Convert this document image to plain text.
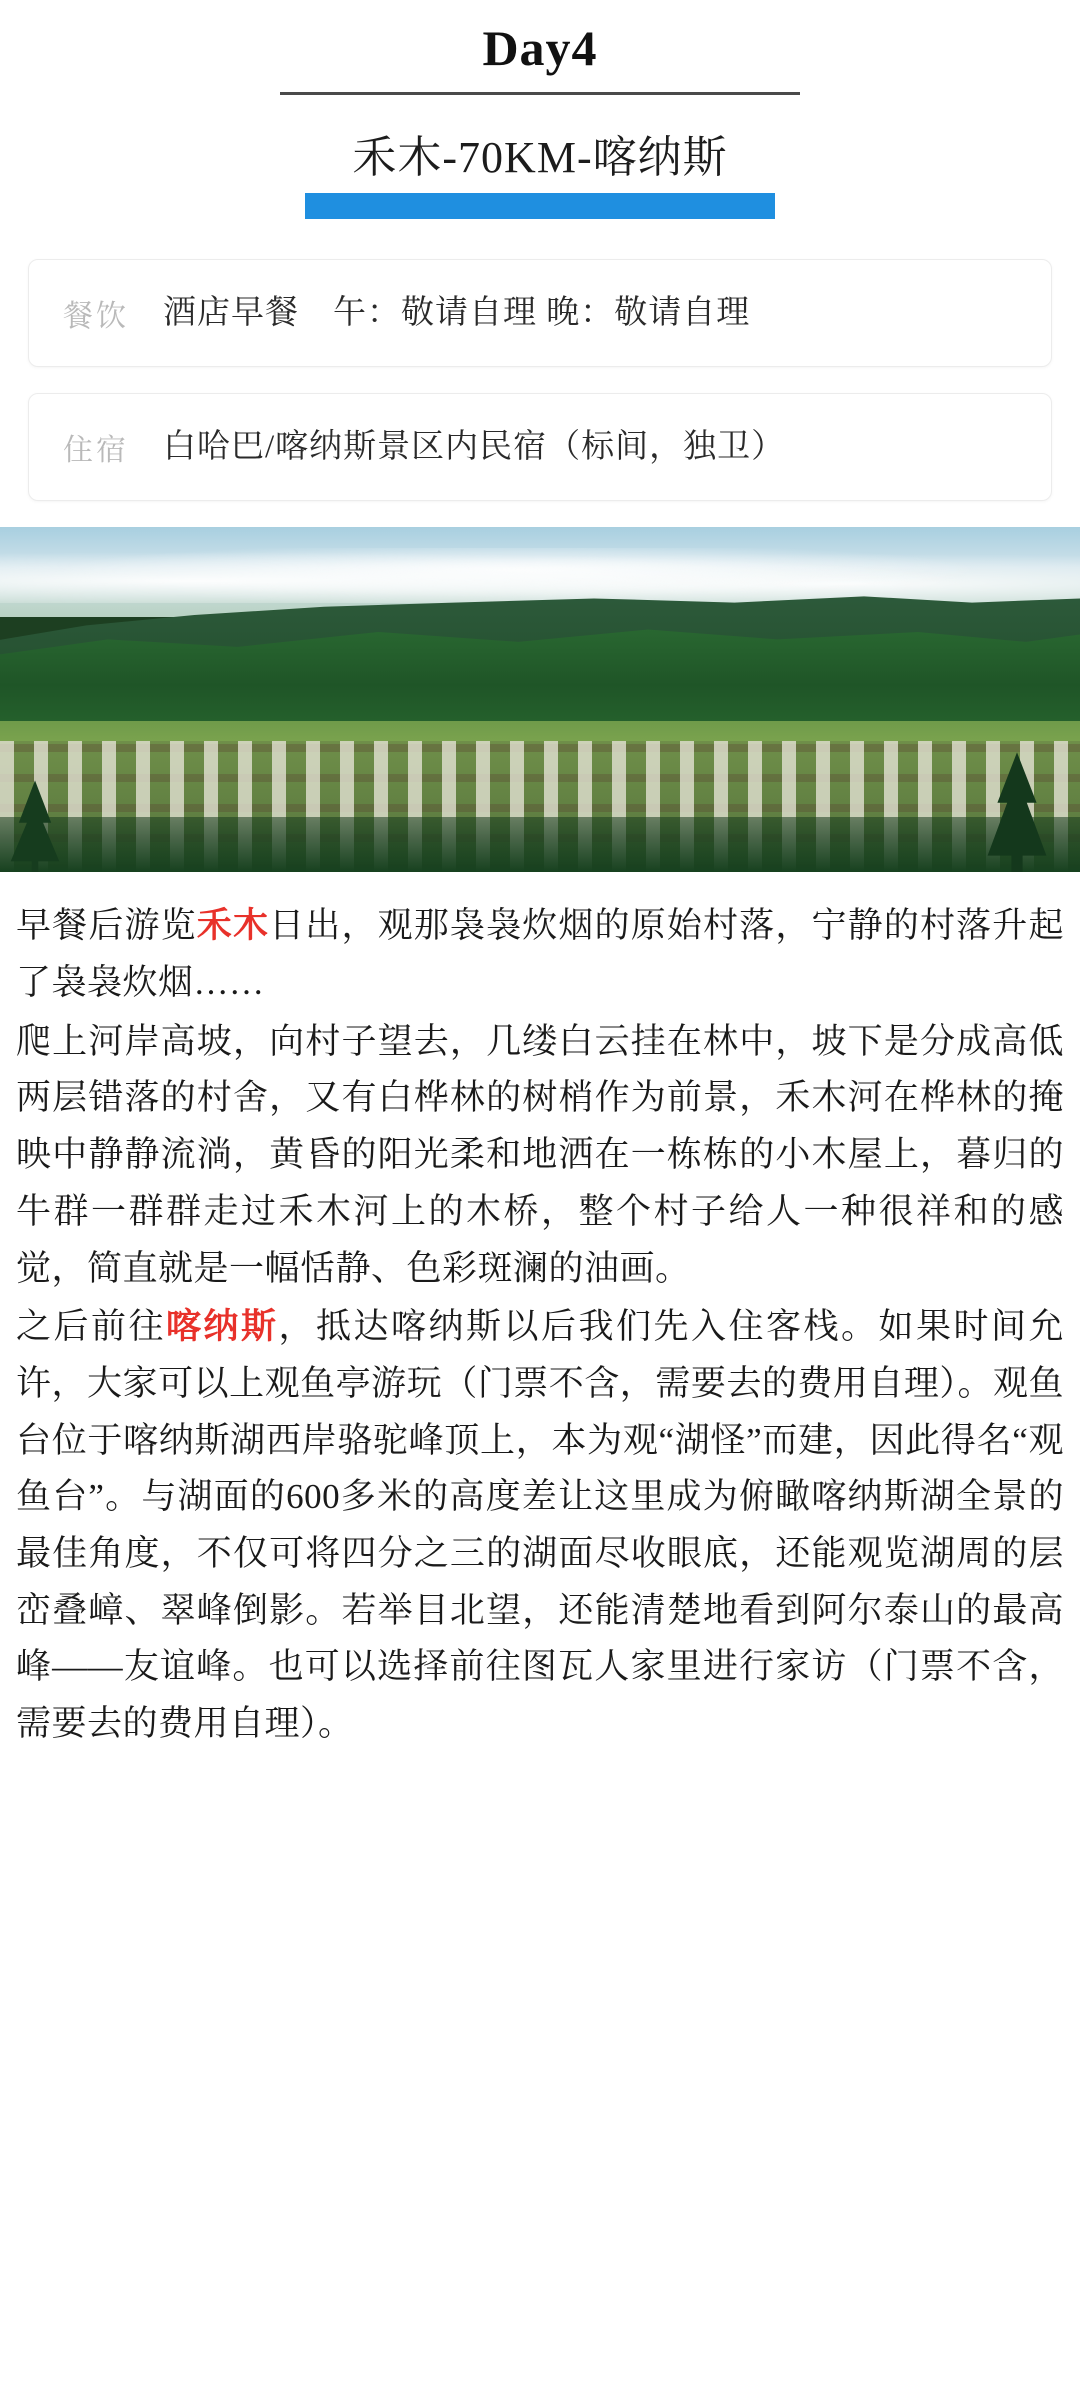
Day4
禾木-70KM-喀纳斯
餐饮 酒店早餐　午：敬请自理 晚：敬请自理
住宿 白哈巴/喀纳斯景区内民宿（标间，独卫）

早餐后游览禾木日出，观那袅袅炊烟的原始村落，宁静的村落升起了袅袅炊烟……

爬上河岸高坡，向村子望去，几缕白云挂在林中，坡下是分成高低两层错落的村舍，又有白桦林的树梢作为前景，禾木河在桦林的掩映中静静流淌，黄昏的阳光柔和地洒在一栋栋的小木屋上，暮归的牛群一群群走过禾木河上的木桥，整个村子给人一种很祥和的感觉，简直就是一幅恬静、色彩斑澜的油画。

之后前往喀纳斯，抵达喀纳斯以后我们先入住客栈。如果时间允许，大家可以上观鱼亭游玩（门票不含，需要去的费用自理）。观鱼台位于喀纳斯湖西岸骆驼峰顶上，本为观“湖怪”而建，因此得名“观鱼台”。与湖面的600多米的高度差让这里成为俯瞰喀纳斯湖全景的最佳角度，不仅可将四分之三的湖面尽收眼底，还能观览湖周的层峦叠嶂、翠峰倒影。若举目北望，还能清楚地看到阿尔泰山的最高峰——友谊峰。也可以选择前往图瓦人家里进行家访（门票不含，需要去的费用自理）。
